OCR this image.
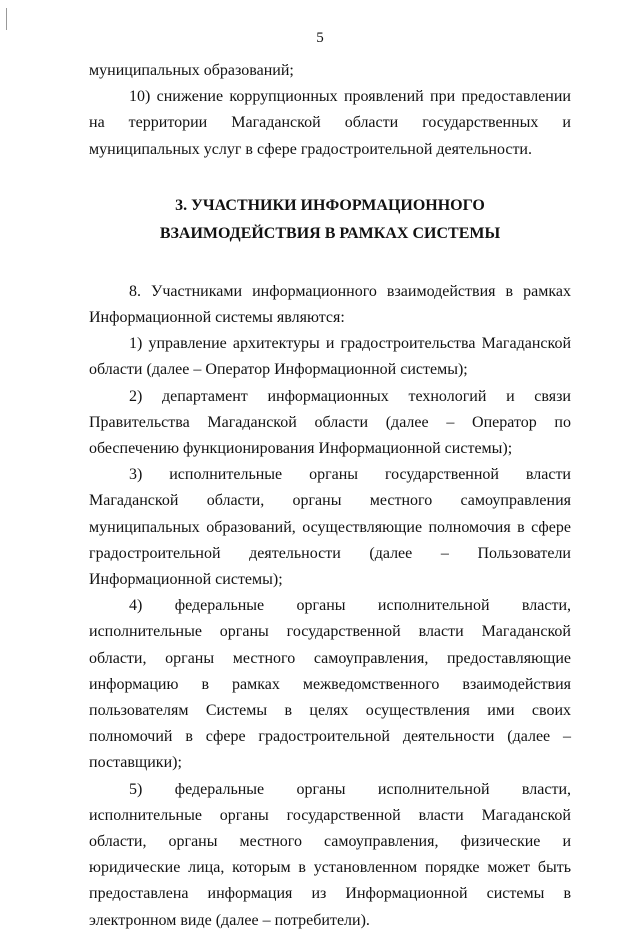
5

муниципальных образований;

10) снижение коррупционных проявлений при предоставлении на территории Магаданской области государственных и муниципальных услуг в сфере градостроительной деятельности.

3. УЧАСТНИКИ ИНФОРМАЦИОННОГО
ВЗАИМОДЕЙСТВИЯ В РАМКАХ СИСТЕМЫ

8. Участниками информационного взаимодействия в рамках Информационной системы являются:

1) управление архитектуры и градостроительства Магаданской области (далее – Оператор Информационной системы);

2) департамент информационных технологий и связи Правительства Магаданской области (далее – Оператор по обеспечению функционирования Информационной системы);

3) исполнительные органы государственной власти Магаданской области, органы местного самоуправления муниципальных образований, осуществляющие полномочия в сфере градостроительной деятельности (далее – Пользователи Информационной системы);

4) федеральные органы исполнительной власти, исполнительные органы государственной власти Магаданской области, органы местного самоуправления, предоставляющие информацию в рамках межведомственного взаимодействия пользователям Системы в целях осуществления ими своих полномочий в сфере градостроительной деятельности (далее – поставщики);

5) федеральные органы исполнительной власти, исполнительные органы государственной власти Магаданской области, органы местного самоуправления, физические и юридические лица, которым в установленном порядке может быть предоставлена информация из Информационной системы в электронном виде (далее – потребители).
